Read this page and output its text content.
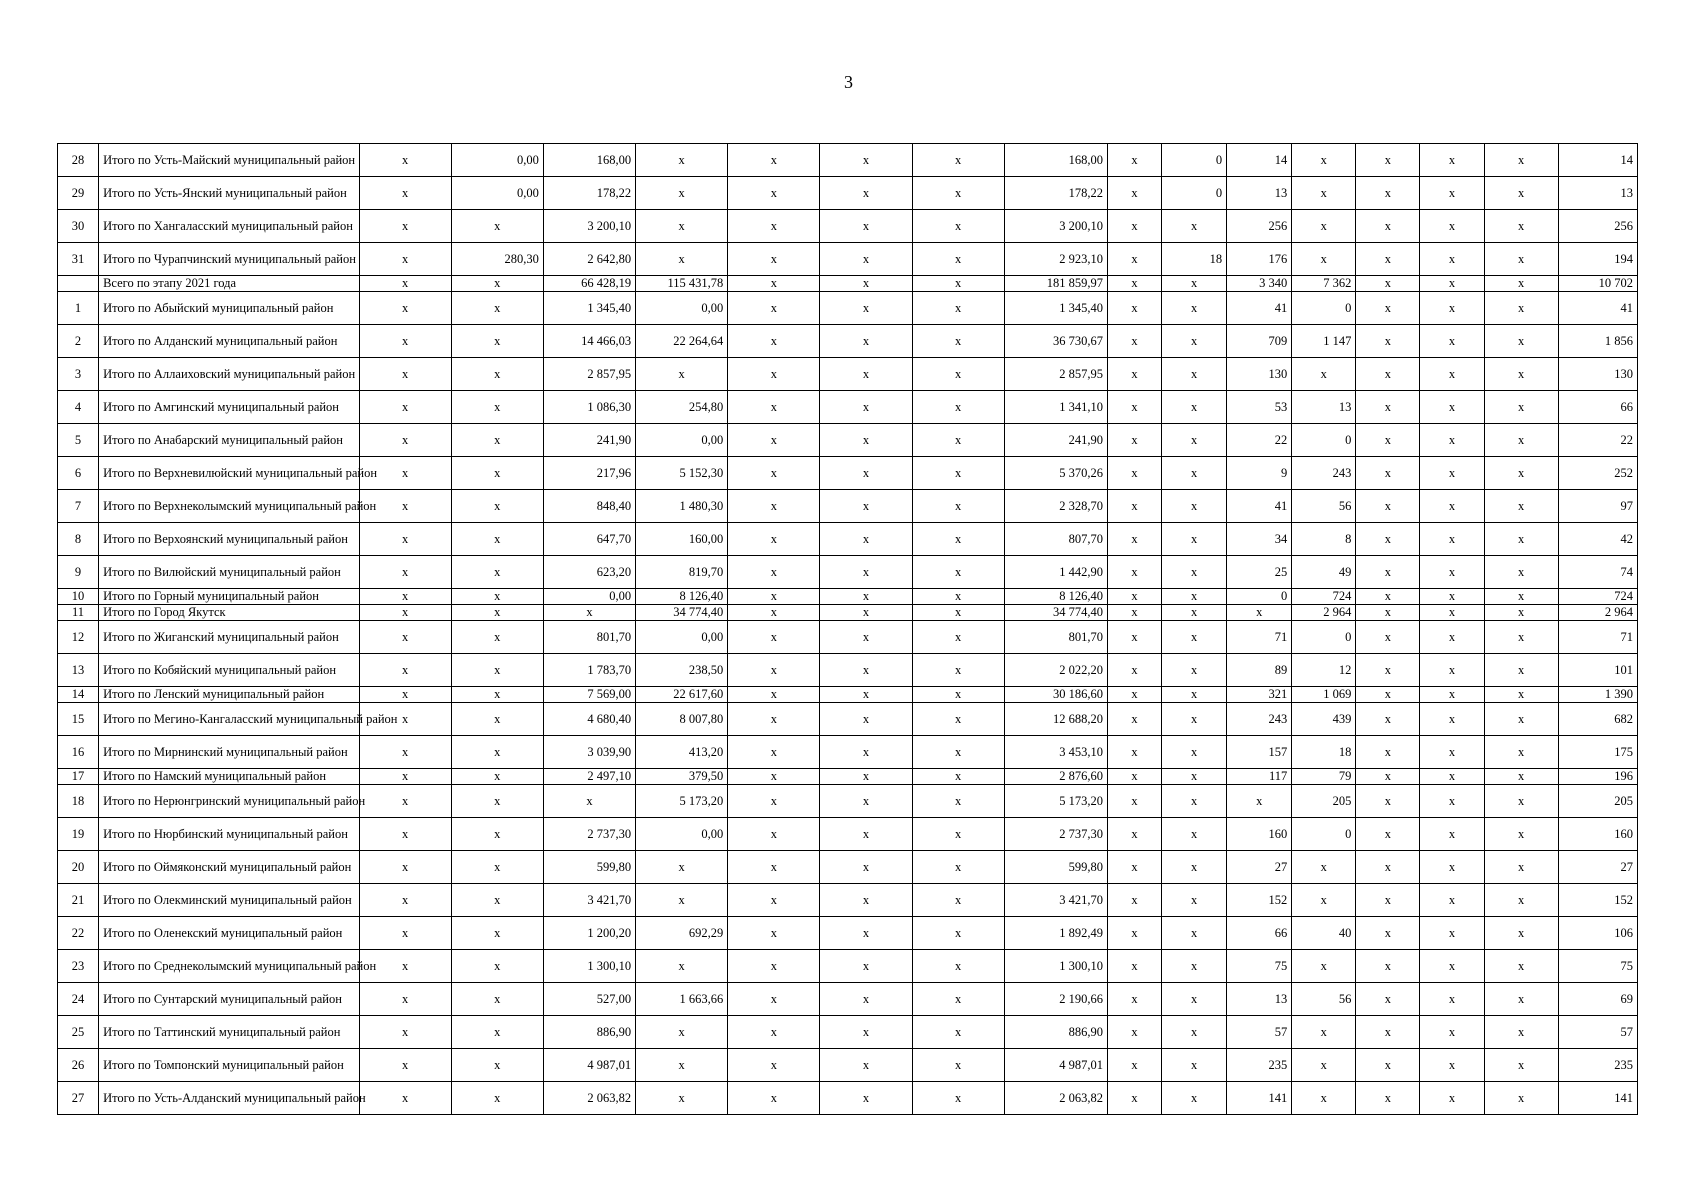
3
28	Итого по Усть-Майский муниципальный район	x	0,00	168,00	x	x	x	x	168,00	x	0	14	x	x	x	x	14
29	Итого по Усть-Янский муниципальный район	x	0,00	178,22	x	x	x	x	178,22	x	0	13	x	x	x	x	13
30	Итого по Хангаласский муниципальный район	x	x	3 200,10	x	x	x	x	3 200,10	x	x	256	x	x	x	x	256
31	Итого по Чурапчинский муниципальный район	x	280,30	2 642,80	x	x	x	x	2 923,10	x	18	176	x	x	x	x	194
	Всего по этапу 2021 года	x	x	66 428,19	115 431,78	x	x	x	181 859,97	x	x	3 340	7 362	x	x	x	10 702
1	Итого по Абыйский муниципальный район	x	x	1 345,40	0,00	x	x	x	1 345,40	x	x	41	0	x	x	x	41
2	Итого по Алданский муниципальный район	x	x	14 466,03	22 264,64	x	x	x	36 730,67	x	x	709	1 147	x	x	x	1 856
3	Итого по Аллаиховский муниципальный район	x	x	2 857,95	x	x	x	x	2 857,95	x	x	130	x	x	x	x	130
4	Итого по Амгинский муниципальный район	x	x	1 086,30	254,80	x	x	x	1 341,10	x	x	53	13	x	x	x	66
5	Итого по Анабарский муниципальный район	x	x	241,90	0,00	x	x	x	241,90	x	x	22	0	x	x	x	22
6	Итого по Верхневилюйский муниципальный район	x	x	217,96	5 152,30	x	x	x	5 370,26	x	x	9	243	x	x	x	252
7	Итого по Верхнеколымский муниципальный район	x	x	848,40	1 480,30	x	x	x	2 328,70	x	x	41	56	x	x	x	97
8	Итого по Верхоянский муниципальный район	x	x	647,70	160,00	x	x	x	807,70	x	x	34	8	x	x	x	42
9	Итого по Вилюйский муниципальный район	x	x	623,20	819,70	x	x	x	1 442,90	x	x	25	49	x	x	x	74
10	Итого по Горный муниципальный район	x	x	0,00	8 126,40	x	x	x	8 126,40	x	x	0	724	x	x	x	724
11	Итого по Город Якутск	x	x	x	34 774,40	x	x	x	34 774,40	x	x	x	2 964	x	x	x	2 964
12	Итого по Жиганский муниципальный район	x	x	801,70	0,00	x	x	x	801,70	x	x	71	0	x	x	x	71
13	Итого по Кобяйский муниципальный район	x	x	1 783,70	238,50	x	x	x	2 022,20	x	x	89	12	x	x	x	101
14	Итого по Ленский муниципальный район	x	x	7 569,00	22 617,60	x	x	x	30 186,60	x	x	321	1 069	x	x	x	1 390
15	Итого по Мегино-Кангаласский муниципальный район	x	x	4 680,40	8 007,80	x	x	x	12 688,20	x	x	243	439	x	x	x	682
16	Итого по Мирнинский муниципальный район	x	x	3 039,90	413,20	x	x	x	3 453,10	x	x	157	18	x	x	x	175
17	Итого по Намский муниципальный район	x	x	2 497,10	379,50	x	x	x	2 876,60	x	x	117	79	x	x	x	196
18	Итого по Нерюнгринский муниципальный район	x	x	x	5 173,20	x	x	x	5 173,20	x	x	x	205	x	x	x	205
19	Итого по Нюрбинский муниципальный район	x	x	2 737,30	0,00	x	x	x	2 737,30	x	x	160	0	x	x	x	160
20	Итого по Оймяконский муниципальный район	x	x	599,80	x	x	x	x	599,80	x	x	27	x	x	x	x	27
21	Итого по Олекминский муниципальный район	x	x	3 421,70	x	x	x	x	3 421,70	x	x	152	x	x	x	x	152
22	Итого по Оленекский муниципальный район	x	x	1 200,20	692,29	x	x	x	1 892,49	x	x	66	40	x	x	x	106
23	Итого по Среднеколымский муниципальный район	x	x	1 300,10	x	x	x	x	1 300,10	x	x	75	x	x	x	x	75
24	Итого по Сунтарский муниципальный район	x	x	527,00	1 663,66	x	x	x	2 190,66	x	x	13	56	x	x	x	69
25	Итого по Таттинский муниципальный район	x	x	886,90	x	x	x	x	886,90	x	x	57	x	x	x	x	57
26	Итого по Томпонский муниципальный район	x	x	4 987,01	x	x	x	x	4 987,01	x	x	235	x	x	x	x	235
27	Итого по Усть-Алданский муниципальный район	x	x	2 063,82	x	x	x	x	2 063,82	x	x	141	x	x	x	x	141
